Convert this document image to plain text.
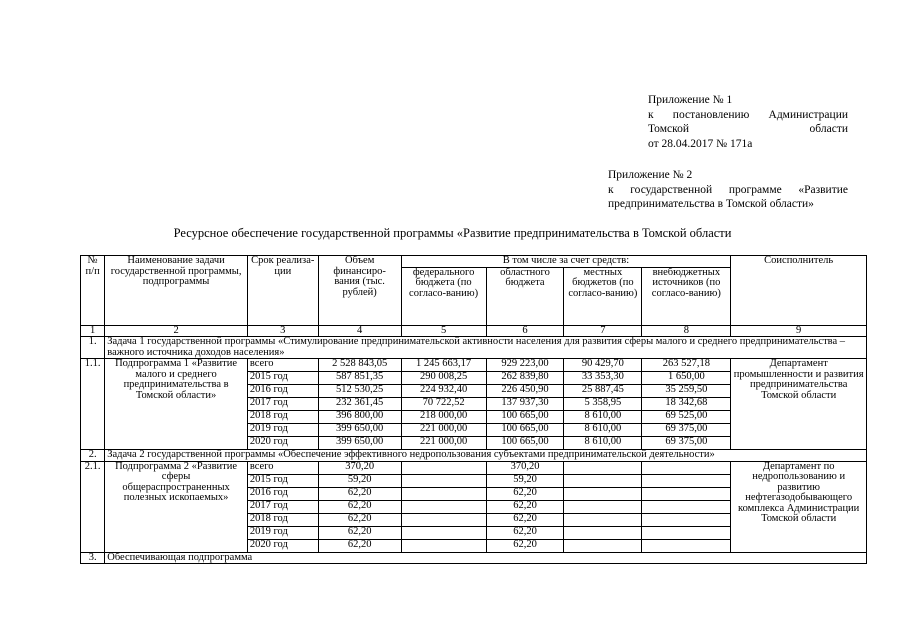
Приложение № 1
к постановлению Администрации
Томской области
от 28.04.2017 № 171а
Приложение № 2
к государственной программе «Развитие
предпринимательства в Томской области»
Ресурсное обеспечение государственной программы «Развитие предпринимательства в Томской области
№ п/п	Наименование задачи государственной программы, подпрограммы	Срок реализа-ции	Объем финансиро-вания (тыс. рублей)	В том числе за счет средств:				Соисполнитель
				федерального бюджета (по согласо-ванию)	областного бюджета	местных бюджетов (по согласо-ванию)	внебюджетных источников (по согласо-ванию)	
1	2	3	4	5	6	7	8	9
1.	Задача 1 государственной программы «Стимулирование предпринимательской активности населения для развития сферы малого и среднего предпринимательства – важного источника доходов населения»							
1.1.	Подпрограмма 1 «Развитие малого и среднего предпринимательства в Томской области»	всего	2 528 843,05	1 245 663,17	929 223,00	90 429,70	263 527,18	Департамент промышленности и развития предпринимательства Томской области
		2015 год	587 851,35	290 008,25	262 839,80	33 353,30	1 650,00	
		2016 год	512 530,25	224 932,40	226 450,90	25 887,45	35 259,50	
		2017 год	232 361,45	70 722,52	137 937,30	5 358,95	18 342,68	
		2018 год	396 800,00	218 000,00	100 665,00	8 610,00	69 525,00	
		2019 год	399 650,00	221 000,00	100 665,00	8 610,00	69 375,00	
		2020 год	399 650,00	221 000,00	100 665,00	8 610,00	69 375,00	
2.	Задача 2 государственной программы «Обеспечение эффективного недропользования субъектами предпринимательской деятельности»							
2.1.	Подпрограмма 2 «Развитие сферы общераспространенных полезных ископаемых»	всего	370,20		370,20			Департамент по недропользованию и развитию нефтегазодобывающего комплекса Администрации Томской области
		2015 год	59,20		59,20			
		2016 год	62,20		62,20			
		2017 год	62,20		62,20			
		2018 год	62,20		62,20			
		2019 год	62,20		62,20			
		2020 год	62,20		62,20			
3.	Обеспечивающая подпрограмма							
